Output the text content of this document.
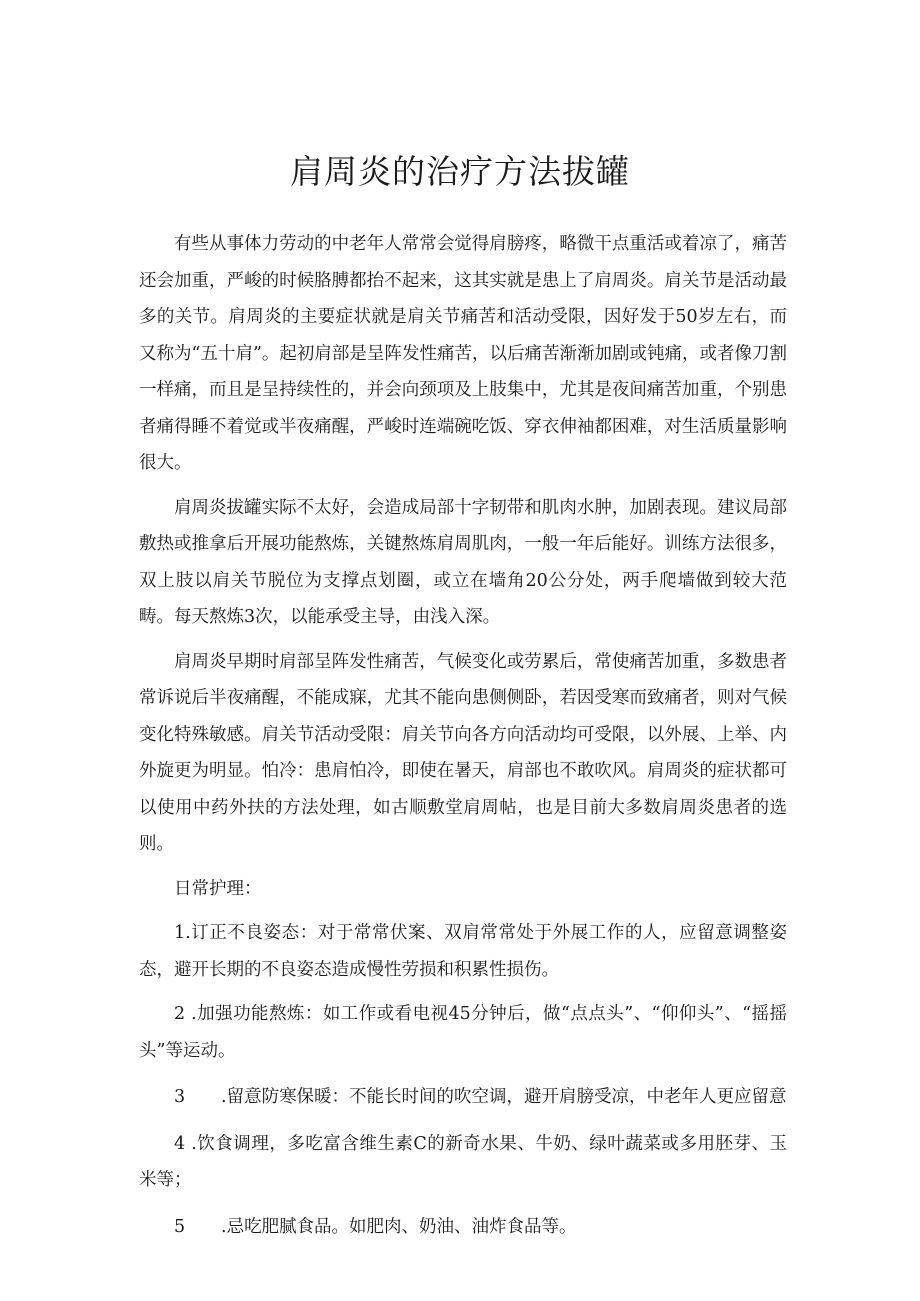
肩周炎的治疗方法拔罐

有些从事体力劳动的中老年人常常会觉得肩膀疼，略微干点重活或着凉了，痛苦还会加重，严峻的时候胳膊都抬不起来，这其实就是患上了肩周炎。肩关节是活动最多的关节。肩周炎的主要症状就是肩关节痛苦和活动受限，因好发于50岁左右，而又称为“五十肩”。起初肩部是呈阵发性痛苦，以后痛苦渐渐加剧或钝痛，或者像刀割一样痛，而且是呈持续性的，并会向颈项及上肢集中，尤其是夜间痛苦加重，个别患者痛得睡不着觉或半夜痛醒，严峻时连端碗吃饭、穿衣伸袖都困难，对生活质量影响很大。

肩周炎拔罐实际不太好，会造成局部十字韧带和肌肉水肿，加剧表现。建议局部敷热或推拿后开展功能熬炼，关键熬炼肩周肌肉，一般一年后能好。训练方法很多，双上肢以肩关节脱位为支撑点划圈，或立在墙角20公分处，两手爬墙做到较大范畴。每天熬炼3次，以能承受主导，由浅入深。

肩周炎早期时肩部呈阵发性痛苦，气候变化或劳累后，常使痛苦加重，多数患者常诉说后半夜痛醒，不能成寐，尤其不能向患侧侧卧，若因受寒而致痛者，则对气候变化特殊敏感。肩关节活动受限：肩关节向各方向活动均可受限，以外展、上举、内外旋更为明显。怕冷：患肩怕冷，即使在暑天，肩部也不敢吹风。肩周炎的症状都可以使用中药外扶的方法处理，如古顺敷堂肩周帖，也是目前大多数肩周炎患者的选则。

日常护理：

1.订正不良姿态：对于常常伏案、双肩常常处于外展工作的人，应留意调整姿态，避开长期的不良姿态造成慢性劳损和积累性损伤。

2 .加强功能熬炼：如工作或看电视45分钟后，做“点点头”、“仰仰头”、“摇摇头”等运动。

3 .留意防寒保暖：不能长时间的吹空调，避开肩膀受凉，中老年人更应留意

4 .饮食调理，多吃富含维生素C的新奇水果、牛奶、绿叶蔬菜或多用胚芽、玉米等；

5 .忌吃肥腻食品。如肥肉、奶油、油炸食品等。
